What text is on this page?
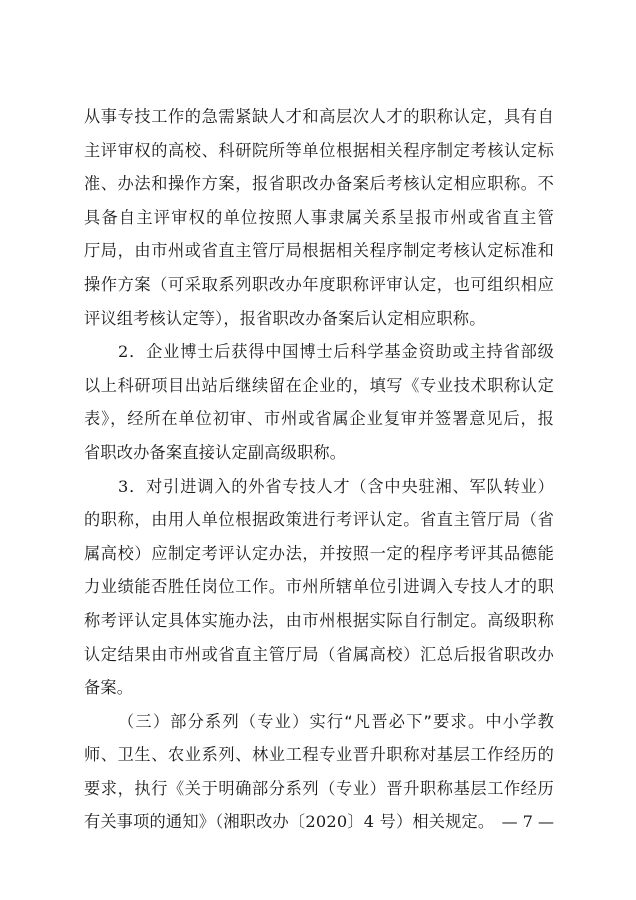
从事专技工作的急需紧缺人才和高层次人才的职称认定，具有自
主评审权的高校、科研院所等单位根据相关程序制定考核认定标
准、办法和操作方案，报省职改办备案后考核认定相应职称。不
具备自主评审权的单位按照人事隶属关系呈报市州或省直主管
厅局，由市州或省直主管厅局根据相关程序制定考核认定标准和
操作方案（可采取系列职改办年度职称评审认定，也可组织相应
评议组考核认定等），报省职改办备案后认定相应职称。
2．企业博士后获得中国博士后科学基金资助或主持省部级
以上科研项目出站后继续留在企业的，填写《专业技术职称认定
表》，经所在单位初审、市州或省属企业复审并签署意见后，报
省职改办备案直接认定副高级职称。
3．对引进调入的外省专技人才（含中央驻湘、军队转业）
的职称，由用人单位根据政策进行考评认定。省直主管厅局（省
属高校）应制定考评认定办法，并按照一定的程序考评其品德能
力业绩能否胜任岗位工作。市州所辖单位引进调入专技人才的职
称考评认定具体实施办法，由市州根据实际自行制定。高级职称
认定结果由市州或省直主管厅局（省属高校）汇总后报省职改办
备案。
（三）部分系列（专业）实行“凡晋必下”要求。中小学教
师、卫生、农业系列、林业工程专业晋升职称对基层工作经历的
要求，执行《关于明确部分系列（专业）晋升职称基层工作经历
有关事项的通知》（湘职改办〔2020〕4 号）相关规定。 — 7 —
